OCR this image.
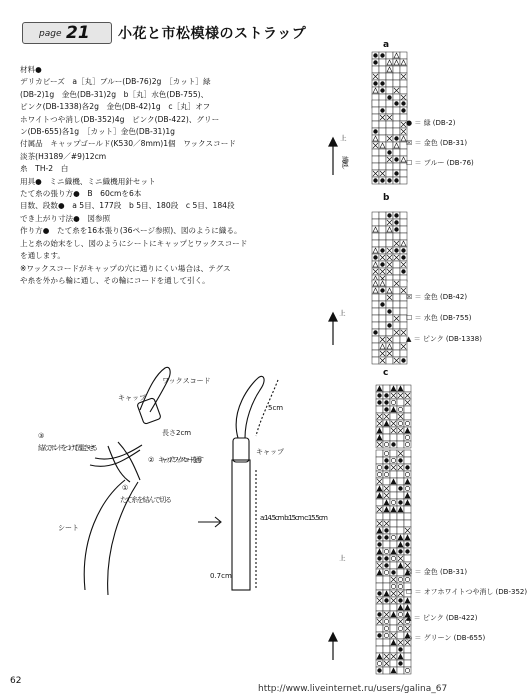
page 21 小花と市松模様のストラップ
材料●
デリカビーズ　a［丸］ブルー(DB-76)2g　［カット］緑
(DB-2)1g　金色(DB-31)2g　b［丸］水色(DB-755)、
ピンク(DB-1338)各2g　金色(DB-42)1g　c［丸］オフ
ホワイトつや消し(DB-352)4g　ピンク(DB-422)、グリー
ン(DB-655)各1g　［カット］金色(DB-31)1g
付属品　キャップゴールド(K530／8mm)1個　ワックスコード
淡茶(H3189／#9)12cm
糸　TH-2　白
用具●　ミニ織機、ミニ織機用針セット
たて糸の張り方●　B　60cmを6本
目数、段数●　a 5目、177段　b 5目、180段　c 5目、184段
でき上がり寸法●　図参照
作り方●　たて糸を16本張り(36ページ参照)、図のように織る。
上と糸の始末をし、図のようにシートにキャップとワックスコード
を通します。
※ワックスコードがキャップの穴に通りにくい場合は、テグス
や糸を外から輪に通し、その輪にコードを通して引く。
キャップ
ワックスコード
長さ2cm
③
結んでボンドをつけて固定させる
② キャップにワックスコードを通す
①
たて糸を結んで切る
シート
キャップ
5cm
a:14.5cm b:15cm c:15.5cm
0.7cm
a
b
c
上
繰り返し
上
上
● ＝ 緑 (DB-2)
☒ ＝ 金色 (DB-31)
☐ ＝ ブルー (DB-76)
☒ ＝ 金色 (DB-42)
☐ ＝ 水色 (DB-755)
▲ ＝ ピンク (DB-1338)
☒ ＝ 金色 (DB-31)
☐ ＝ オフホワイトつや消し (DB-352)
▲ ＝ ピンク (DB-422)
○ ＝ グリーン (DB-655)
62
http://www.liveinternet.ru/users/galina_67
